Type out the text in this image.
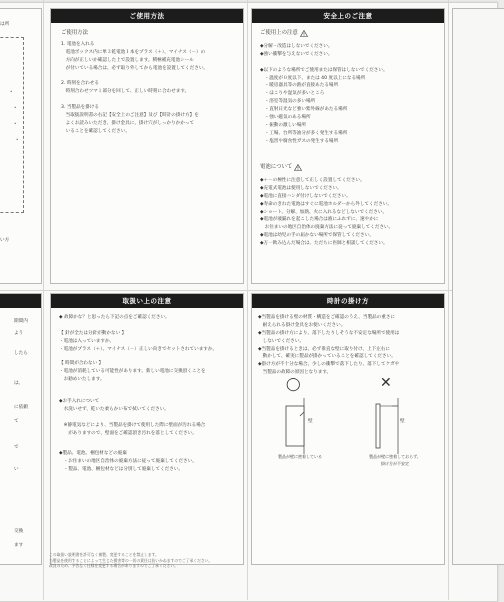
•
•
•
•
い方
は所
期間内
よう
したら
は、
に依頼
て
で
い
交換
ます
ご使用方法
ご使用方法
1. 電池を入れる
　電池ボックス内に単３乾電池１本をプラス（＋）、マイナス（－）の
　方向が正しいか確認した上で設置します。積極補充電池シール
　が付いている場合は、必ず取り外してから電池を設置してください。

2. 時刻を合わせる
　時刻合わせツマミ部分を回して、正しい時刻に合わせます。

3. 当製品を掛ける
　当取扱説明書の右記【安全上のご注意】及び【時計の掛け方】を
　よくお読みいただき、掛け金具に、掛け穴がしっかりかかって
　いることを確認してください。
安全上のご注意
ご使用上の注意
◆分解・改造はしないでください。
◆強い衝撃を与えないでください。

◆以下のような場所でご使用または保管はしないでください。
　・温度が０度以下、または 40 度以上になる場所
　・暖房器具等の熱が直接あたる場所
　・ほこりや湿気が多いところ
　・浴室等湿気の多い場所
　・直射日光など強い紫外線があたる場所
　・強い磁気のある場所
　・振動の激しい場所
　・工場、台所等油分が多く発生する場所
　・塩害や腐食性ガスの発生する場所
電池について
◆＋－の極性に注意して正しく設置してください。
◆充電式電池は使用しないでください。
◆電池に直接ハンダ付けしないでください。
◆寿命のきれた電池はすぐに電池ホルダーから外してください。
◆ショート、分解、加熱、火に入れるなどしないでください。
◆電池が液漏れを起こした場合は液にふれずに、速やかに
　お住まいの地区自治体の廃棄方法に従って廃棄してください。
◆電池は幼児の手の届かない場所で保管してください。
◆万一飲み込んだ場合は、ただちに医師と相談してください。
取扱い上の注意
◆ 故障かな？と思ったら下記の点をご確認ください。
【 針が全たは分針が動かない 】
・電池は入っていますか。
・電池がプラス（＋）、マイナス（－）正しい向きでセットされていますか。
【 時間が合わない 】
・電池が消耗している可能性があります。新しい電池に交換頂くことを
　お勧めいたします。
◆お手入れについて
　水洗いせず、乾いた柔らかい布で拭いてください。

　※静電気などにより、当製品を掛けて使用した際に壁面が汚れる場合
　　がありますので、壁面をご確認頂き汚れを落としてください。
◆製品、電池、梱包材などの廃棄
　・お住まいの地区自治体の廃棄方法に従って廃棄してください。
　・製品、電池、梱包材などは分別して廃棄してください。
この取扱い説明書を許可なく複製、変更することを禁止します。
当製品を使用することによって生じた損害等の一切の責任は負いかねますのでご了承ください。
改良のため、予告なく仕様を変更する場合がありますのでご了承ください。
時計の掛け方
◆当製品を掛ける壁の材質・構造をご確認のうえ、当製品の重さに
　耐えられる掛け金具をお使いください。
◆当製品の掛け方により、落下したりしそうな不安定な場所で使用は
　しないでください。
◆当製品を掛けるときは、必ず垂直な壁に取り付け、上下左右に
　動かして、確実に製品が掛かっていることを確認してください。
◆掛け方が不十分な場合、少しの衝撃で落下したり、落下してケガや
　当製品の故障の原因となります。
◯
壁
製品が壁に密着している
✕
壁
製品が壁に密着しておらず、
掛け方が不安定
